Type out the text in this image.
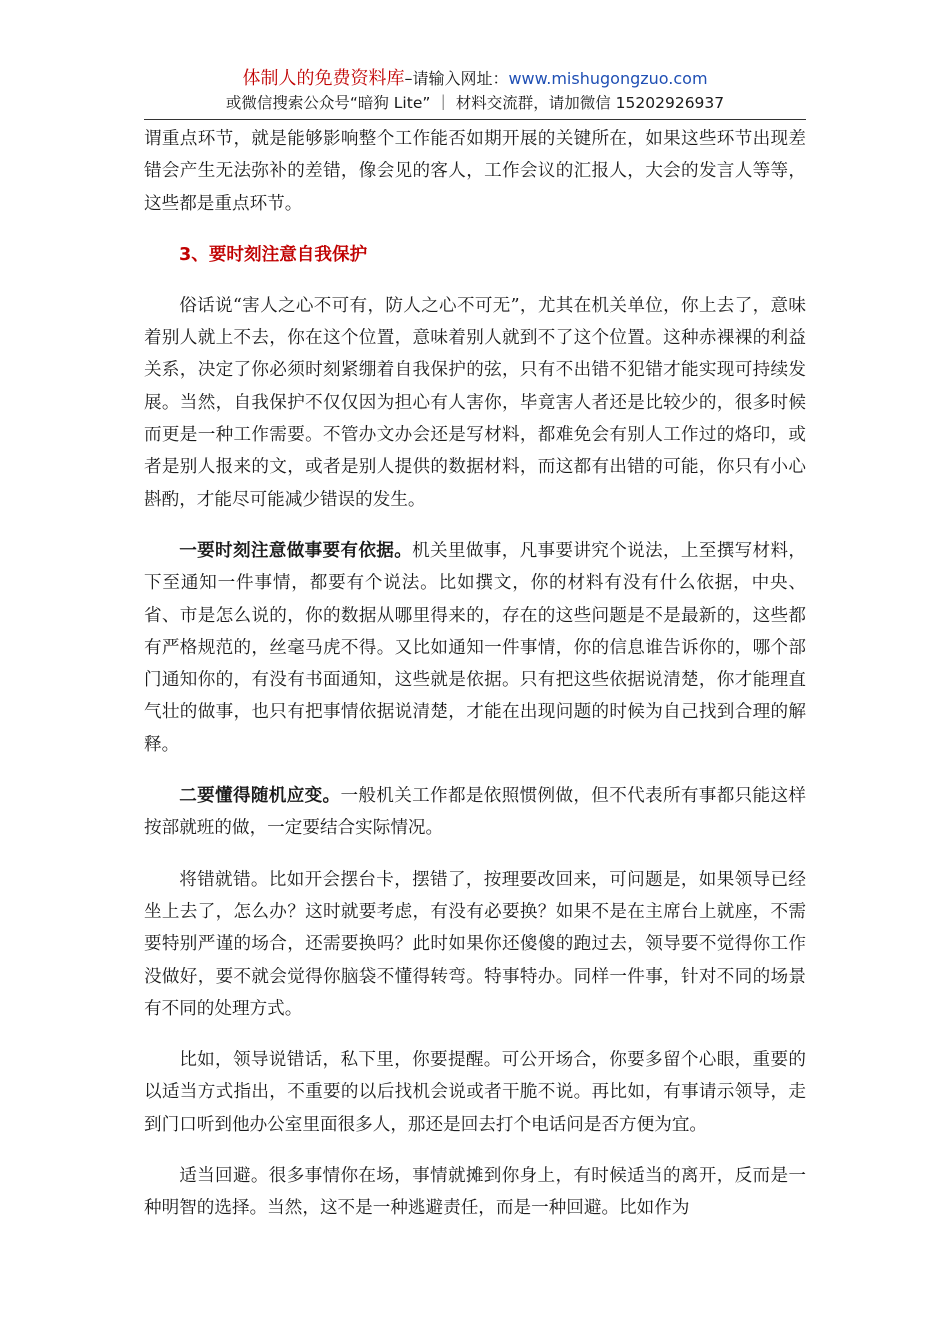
体制人的免费资料库–请输入网址：www.mishugongzuo.com
或微信搜索公众号“暗狗 Lite” ｜ 材料交流群，请加微信 15202926937

谓重点环节，就是能够影响整个工作能否如期开展的关键所在，如果这些环节出现差错会产生无法弥补的差错，像会见的客人，工作会议的汇报人，大会的发言人等等，这些都是重点环节。

3、要时刻注意自我保护

俗话说“害人之心不可有，防人之心不可无”，尤其在机关单位，你上去了，意味着别人就上不去，你在这个位置，意味着别人就到不了这个位置。这种赤裸裸的利益关系，决定了你必须时刻紧绷着自我保护的弦，只有不出错不犯错才能实现可持续发展。当然，自我保护不仅仅因为担心有人害你，毕竟害人者还是比较少的，很多时候而更是一种工作需要。不管办文办会还是写材料，都难免会有别人工作过的烙印，或者是别人报来的文，或者是别人提供的数据材料，而这都有出错的可能，你只有小心斟酌，才能尽可能减少错误的发生。

一要时刻注意做事要有依据。机关里做事，凡事要讲究个说法，上至撰写材料，下至通知一件事情，都要有个说法。比如撰文，你的材料有没有什么依据，中央、省、市是怎么说的，你的数据从哪里得来的，存在的这些问题是不是最新的，这些都有严格规范的，丝毫马虎不得。又比如通知一件事情，你的信息谁告诉你的，哪个部门通知你的，有没有书面通知，这些就是依据。只有把这些依据说清楚，你才能理直气壮的做事，也只有把事情依据说清楚，才能在出现问题的时候为自己找到合理的解释。

二要懂得随机应变。一般机关工作都是依照惯例做，但不代表所有事都只能这样按部就班的做，一定要结合实际情况。

将错就错。比如开会摆台卡，摆错了，按理要改回来，可问题是，如果领导已经坐上去了，怎么办？这时就要考虑，有没有必要换？如果不是在主席台上就座，不需要特别严谨的场合，还需要换吗？此时如果你还傻傻的跑过去，领导要不觉得你工作没做好，要不就会觉得你脑袋不懂得转弯。特事特办。同样一件事，针对不同的场景有不同的处理方式。

比如，领导说错话，私下里，你要提醒。可公开场合，你要多留个心眼，重要的以适当方式指出，不重要的以后找机会说或者干脆不说。再比如，有事请示领导，走到门口听到他办公室里面很多人，那还是回去打个电话问是否方便为宜。

适当回避。很多事情你在场，事情就摊到你身上，有时候适当的离开，反而是一种明智的选择。当然，这不是一种逃避责任，而是一种回避。比如作为
